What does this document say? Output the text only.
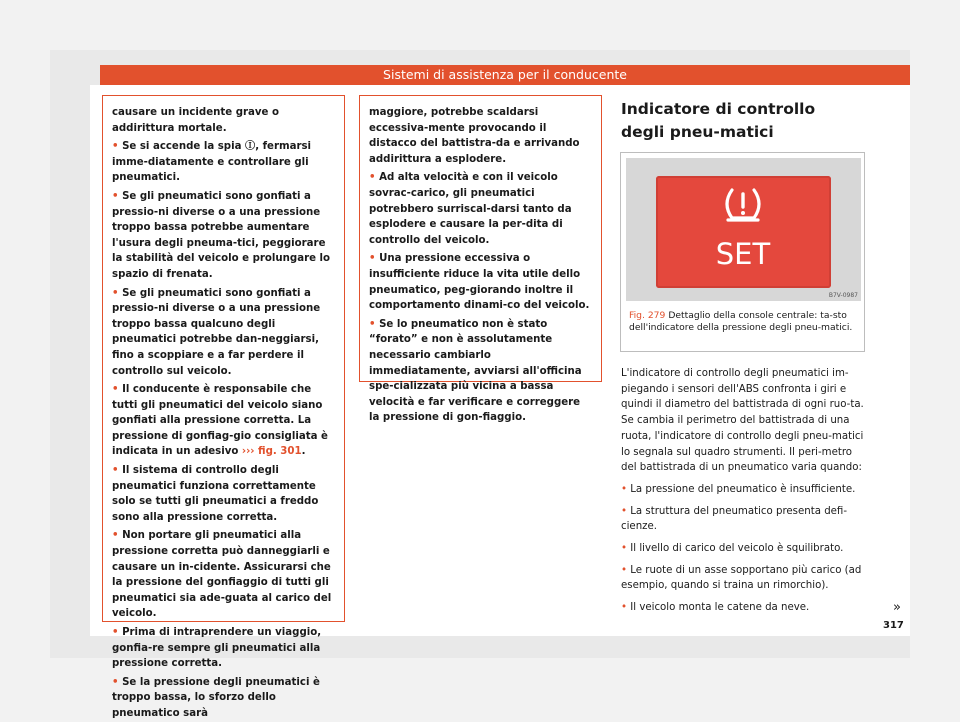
Sistemi di assistenza per il conducente

causare un incidente grave o addirittura mortale.

• Se si accende la spia Ⓘ, fermarsi imme-diatamente e controllare gli pneumatici.

• Se gli pneumatici sono gonfiati a pressio-ni diverse o a una pressione troppo bassa potrebbe aumentare l'usura degli pneuma-tici, peggiorare la stabilità del veicolo e prolungare lo spazio di frenata.

• Se gli pneumatici sono gonfiati a pressio-ni diverse o a una pressione troppo bassa qualcuno degli pneumatici potrebbe dan-neggiarsi, fino a scoppiare e a far perdere il controllo sul veicolo.

• Il conducente è responsabile che tutti gli pneumatici del veicolo siano gonfiati alla pressione corretta. La pressione di gonfiag-gio consigliata è indicata in un adesivo ››› fig. 301.

• Il sistema di controllo degli pneumatici funziona correttamente solo se tutti gli pneumatici a freddo sono alla pressione corretta.

• Non portare gli pneumatici alla pressione corretta può danneggiarli e causare un in-cidente. Assicurarsi che la pressione del gonfiaggio di tutti gli pneumatici sia ade-guata al carico del veicolo.

• Prima di intraprendere un viaggio, gonfia-re sempre gli pneumatici alla pressione corretta.

• Se la pressione degli pneumatici è troppo bassa, lo sforzo dello pneumatico sarà

maggiore, potrebbe scaldarsi eccessiva-mente provocando il distacco del battistra-da e arrivando addirittura a esplodere.

• Ad alta velocità e con il veicolo sovrac-carico, gli pneumatici potrebbero surriscal-darsi tanto da esplodere e causare la per-dita di controllo del veicolo.

• Una pressione eccessiva o insufficiente riduce la vita utile dello pneumatico, peg-giorando inoltre il comportamento dinami-co del veicolo.

• Se lo pneumatico non è stato “forato” e non è assolutamente necessario cambiarlo immediatamente, avviarsi all'officina spe-cializzata più vicina a bassa velocità e far verificare e correggere la pressione di gon-fiaggio.

Indicatore di controllo degli pneu-matici
SET
B7V-0987
Fig. 279 Dettaglio della console centrale: ta-sto dell'indicatore della pressione degli pneu-matici.

L'indicatore di controllo degli pneumatici im-piegando i sensori dell'ABS confronta i giri e quindi il diametro del battistrada di ogni ruo-ta. Se cambia il perimetro del battistrada di una ruota, l'indicatore di controllo degli pneu-matici lo segnala sul quadro strumenti. Il peri-metro del battistrada di un pneumatico varia quando:

• La pressione del pneumatico è insufficiente.

• La struttura del pneumatico presenta defi-cienze.

• Il livello di carico del veicolo è squilibrato.

• Le ruote di un asse sopportano più carico (ad esempio, quando si traina un rimorchio).

• Il veicolo monta le catene da neve.	»
317
